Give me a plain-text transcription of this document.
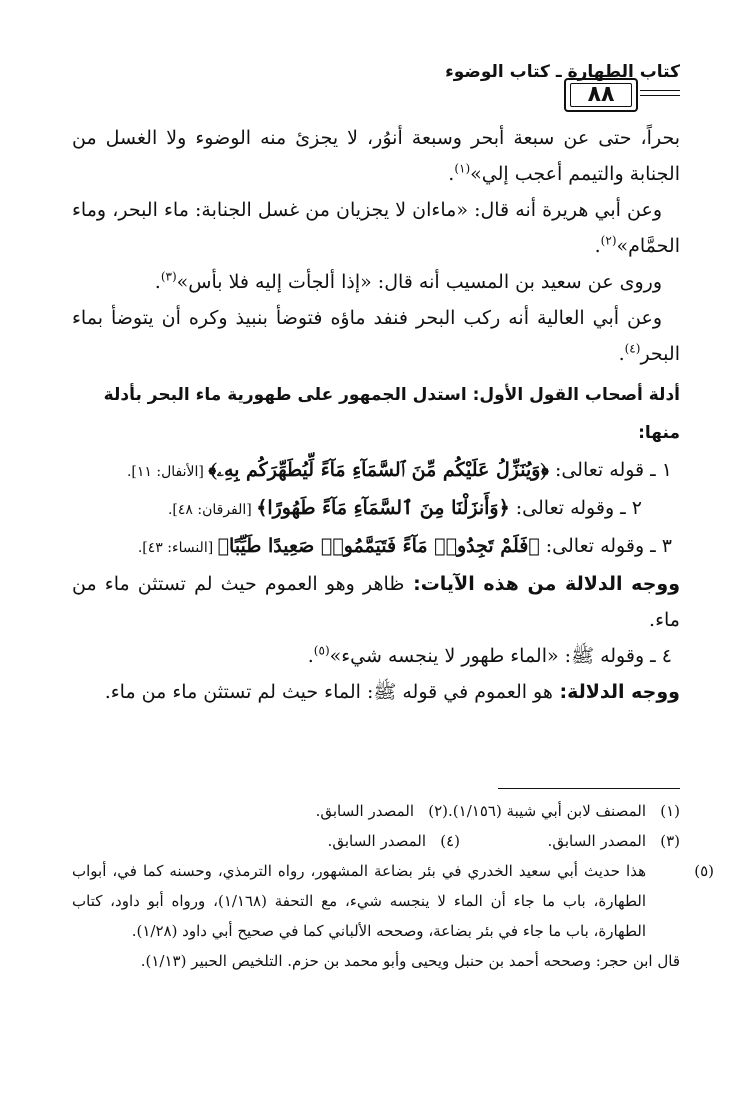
كتاب الطهارة ـ كتاب الوضوء
٨٨

بحراً، حتى عن سبعة أبحر وسبعة أنوُر، لا يجزئ منه الوضوء ولا الغسل من الجنابة والتيمم أعجب إلي»$^{(١)}$.

وعن أبي هريرة أنه قال: «ماءان لا يجزيان من غسل الجنابة: ماء البحر، وماء الحمَّام»$^{(٢)}$.

وروى عن سعيد بن المسيب أنه قال: «إذا ألجأت إليه فلا بأس»$^{(٣)}$.

وعن أبي العالية أنه ركب البحر فنفد ماؤه فتوضأ بنبيذ وكره أن يتوضأ بماء البحر$^{(٤)}$.

أدلة أصحاب القول الأول: استدل الجمهور على طهورية ماء البحر بأدلة منها:

١ ـ قوله تعالى: ﴿وَيُنَزِّلُ عَلَيْكُم مِّنَ ٱلسَّمَآءِ مَآءً لِّيُطَهِّرَكُم بِهِۦ﴾ [الأنفال: ١١].

٢ ـ وقوله تعالى: ﴿وَأَنزَلْنَا مِنَ ٱلسَّمَآءِ مَآءً طَهُورًا﴾ [الفرقان: ٤٨].

٣ ـ وقوله تعالى: ﴿فَلَمْ تَجِدُوا۟ مَآءً فَتَيَمَّمُوا۟ صَعِيدًا طَيِّبًا﴾ [النساء: ٤٣].

ووجه الدلالة من هذه الآيات: ظاهر وهو العموم حيث لم تستثن ماء من ماء.

٤ ـ وقوله ﷺ: «الماء طهور لا ينجسه شيء»$^{(٥)}$.

ووجه الدلالة: هو العموم في قوله ﷺ: الماء حيث لم تستثن ماء من ماء.

(١)المصنف لابن أبي شيبة (١/١٥٦).
(٢)المصدر السابق.

(٣)المصدر السابق.
(٤)المصدر السابق.

(٥)هذا حديث أبي سعيد الخدري في بئر بضاعة المشهور، رواه الترمذي، وحسنه كما في، أبواب الطهارة، باب ما جاء أن الماء لا ينجسه شيء، مع التحفة (١/١٦٨)، ورواه أبو داود، كتاب الطهارة، باب ما جاء في بئر بضاعة، وصححه الألباني كما في صحيح أبي داود (١/٢٨).

قال ابن حجر: وصححه أحمد بن حنبل ويحيى وأبو محمد بن حزم. التلخيص الحبير (١/١٣).
